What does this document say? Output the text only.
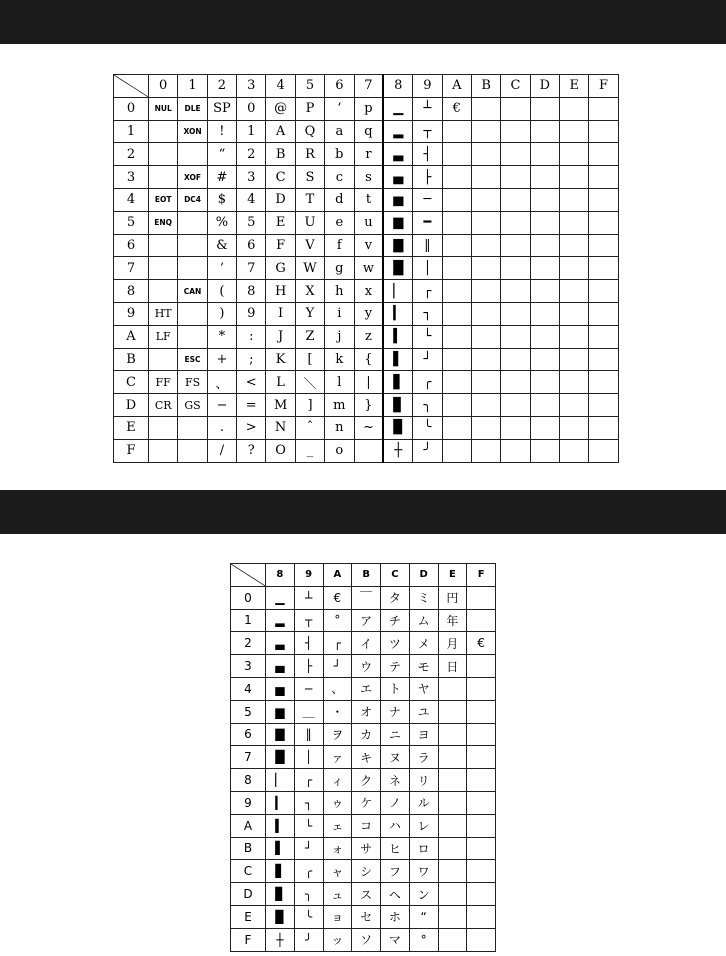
	0	1	2	3	4	5	6	7	8	9	A	B	C	D	E	F
0	NUL	DLE	SP	0	@	P	‘	p	▁	┴	€					
1		XON	!	1	A	Q	a	q	▂	┬						
2			“	2	B	R	b	r	▃	┤						
3		XOF	#	3	C	S	c	s	▄	├						
4	EOT	DC4	$	4	D	T	d	t	▅	─						
5	ENQ		%	5	E	U	e	u	▆	━						
6			&	6	F	V	f	v	▇	‖						
7			’	7	G	W	g	w	█	│						
8		CAN	(	8	H	X	h	x	▏	┌						
9	HT		)	9	I	Y	i	y	▎	┐						
A	LF		*	:	J	Z	j	z	▍	└						
B		ESC	+	;	K	[	k	{	▌	┘						
C	FF	FS	、	<	L	＼	l	|	▋	╭						
D	CR	GS	−	=	M	]	m	}	▊	╮						
E			.	>	N	ˆ	n	~	▉	╰						
F			/	?	O	_	o		┼	╯						
	8	9	A	B	C	D	E	F
0	▁	┴	€	￣	タ	ミ	円	
1	▂	┬	°	ア	チ	ム	年	
2	▃	┤	┌	イ	ツ	メ	月	€
3	▄	├	┘	ウ	テ	モ	日	
4	▅	─	、	エ	ト	ヤ		
5	▆	＿	・	オ	ナ	ユ		
6	▇	‖	ヲ	カ	ニ	ヨ		
7	█	│	ァ	キ	ヌ	ラ		
8	▏	┌	ィ	ク	ネ	リ		
9	▎	┐	ゥ	ケ	ノ	ル		
A	▍	└	ェ	コ	ハ	レ		
B	▌	┘	ォ	サ	ヒ	ロ		
C	▋	╭	ャ	シ	フ	ワ		
D	▊	╮	ュ	ス	ヘ	ン		
E	▉	╰	ョ	セ	ホ	“		
F	┼	╯	ッ	ソ	マ	°		
